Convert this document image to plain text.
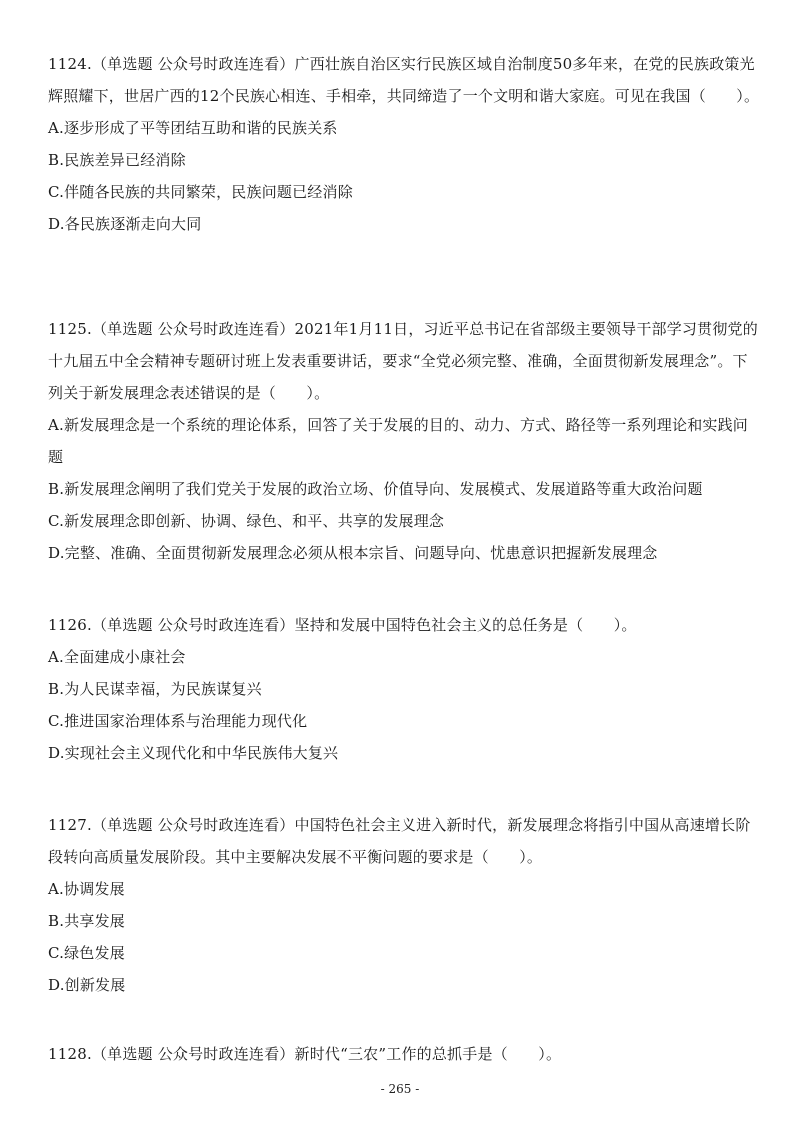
1124.（单选题 公众号时政连连看）广西壮族自治区实行民族区域自治制度50多年来，在党的民族政策光辉照耀下，世居广西的12个民族心相连、手相牵，共同缔造了一个文明和谐大家庭。可见在我国（　　）。

A.逐步形成了平等团结互助和谐的民族关系

B.民族差异已经消除

C.伴随各民族的共同繁荣，民族问题已经消除

D.各民族逐渐走向大同

1125.（单选题 公众号时政连连看）2021年1月11日，习近平总书记在省部级主要领导干部学习贯彻党的十九届五中全会精神专题研讨班上发表重要讲话，要求“全党必须完整、准确，全面贯彻新发展理念”。下列关于新发展理念表述错误的是（　　）。

A.新发展理念是一个系统的理论体系，回答了关于发展的目的、动力、方式、路径等一系列理论和实践问题

B.新发展理念阐明了我们党关于发展的政治立场、价值导向、发展模式、发展道路等重大政治问题

C.新发展理念即创新、协调、绿色、和平、共享的发展理念

D.完整、准确、全面贯彻新发展理念必须从根本宗旨、问题导向、忧患意识把握新发展理念

1126.（单选题 公众号时政连连看）坚持和发展中国特色社会主义的总任务是（　　）。

A.全面建成小康社会

B.为人民谋幸福，为民族谋复兴

C.推进国家治理体系与治理能力现代化

D.实现社会主义现代化和中华民族伟大复兴

1127.（单选题 公众号时政连连看）中国特色社会主义进入新时代，新发展理念将指引中国从高速增长阶段转向高质量发展阶段。其中主要解决发展不平衡问题的要求是（　　）。

A.协调发展

B.共享发展

C.绿色发展

D.创新发展

1128.（单选题 公众号时政连连看）新时代“三农”工作的总抓手是（　　）。

- 265 -
